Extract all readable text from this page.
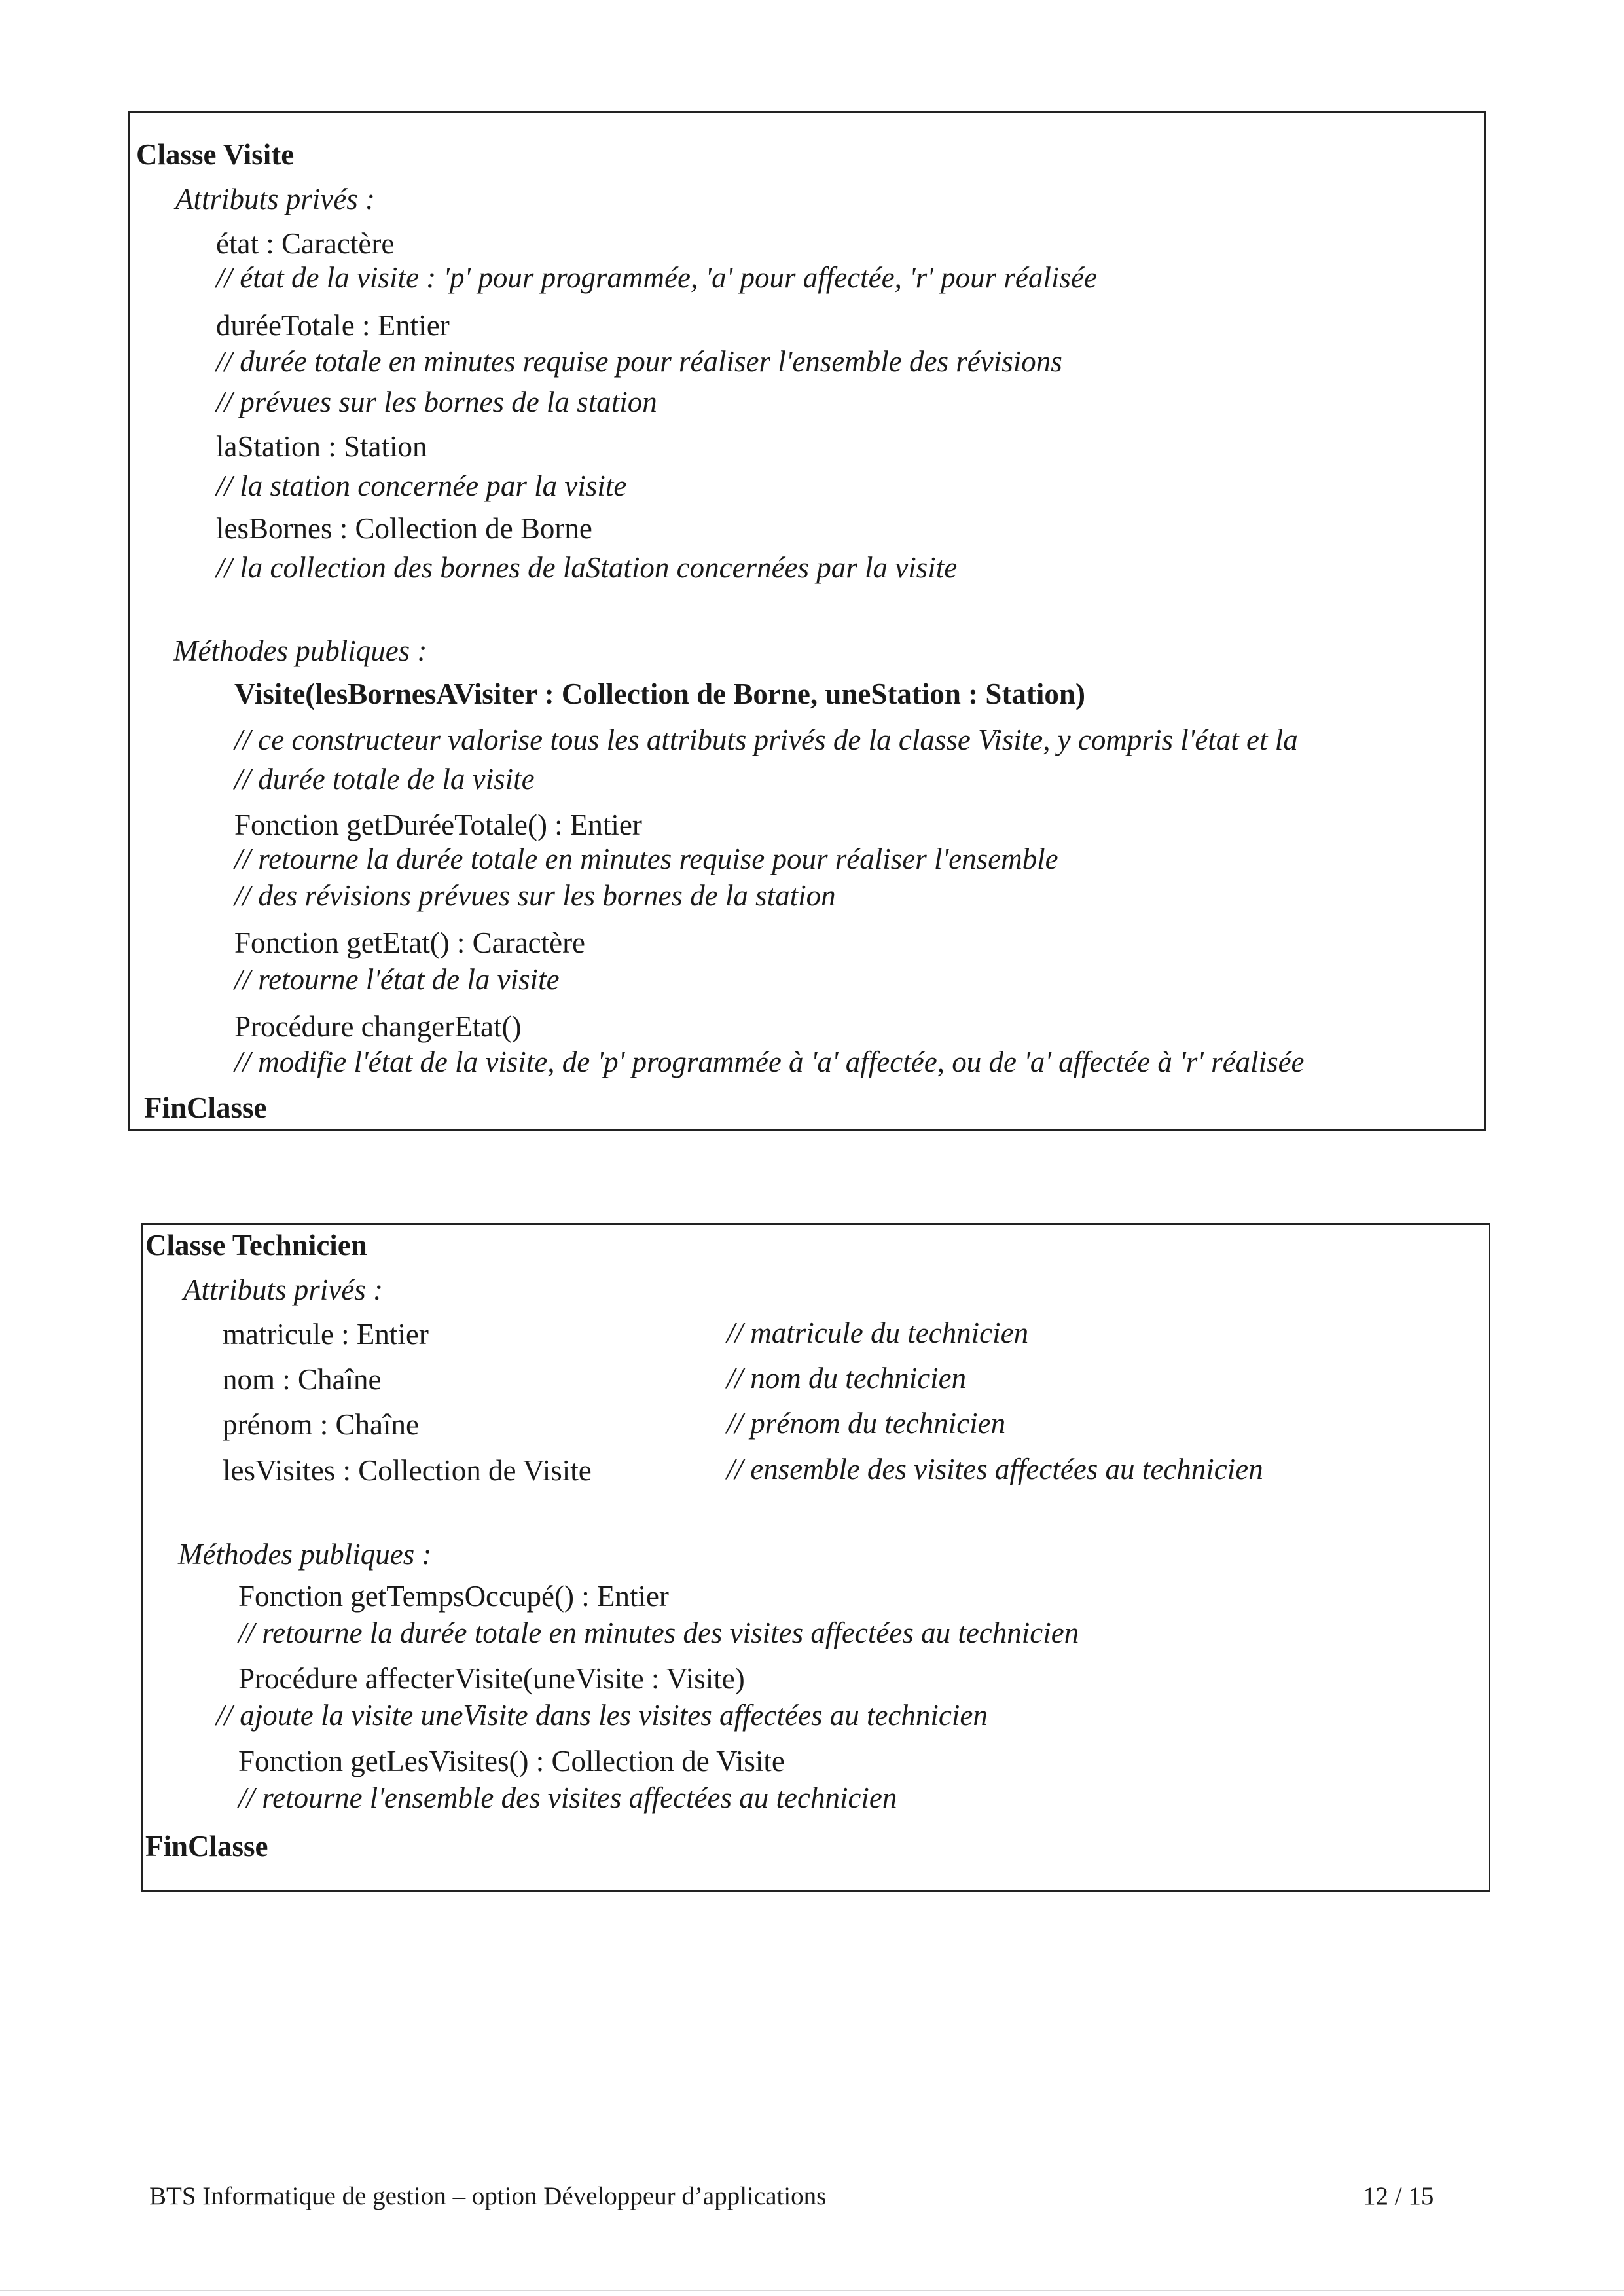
Classe Visite
Attributs privés :
état : Caractère
// état de la visite : 'p' pour programmée, 'a' pour affectée, 'r' pour réalisée
duréeTotale : Entier
// durée totale en minutes requise pour réaliser l'ensemble des révisions
// prévues sur les bornes de la station
laStation : Station
// la station concernée par la visite
lesBornes : Collection de Borne
// la collection des bornes de laStation concernées par la visite
Méthodes publiques :
Visite(lesBornesAVisiter : Collection de Borne, uneStation : Station)
// ce constructeur valorise tous les attributs privés de la classe Visite, y compris l'état et la
// durée totale de la visite
Fonction getDuréeTotale() : Entier
// retourne la durée totale en minutes requise pour réaliser l'ensemble
// des révisions prévues sur les bornes de la station
Fonction getEtat() : Caractère
// retourne l'état de la visite
Procédure changerEtat()
// modifie l'état de la visite, de 'p' programmée à 'a' affectée, ou de 'a' affectée à 'r' réalisée
FinClasse
Classe Technicien
Attributs privés :
matricule : Entier	// matricule du technicien
nom : Chaîne	// nom du technicien
prénom : Chaîne	// prénom du technicien
lesVisites : Collection de Visite	// ensemble des visites affectées au technicien
Méthodes publiques :
Fonction getTempsOccupé() : Entier
// retourne la durée totale en minutes des visites affectées au technicien
Procédure affecterVisite(uneVisite : Visite)
// ajoute la visite uneVisite dans les visites affectées au technicien
Fonction getLesVisites() : Collection de Visite
// retourne l'ensemble des visites affectées au technicien
FinClasse
BTS Informatique de gestion – option Développeur d’applications	12 / 15
